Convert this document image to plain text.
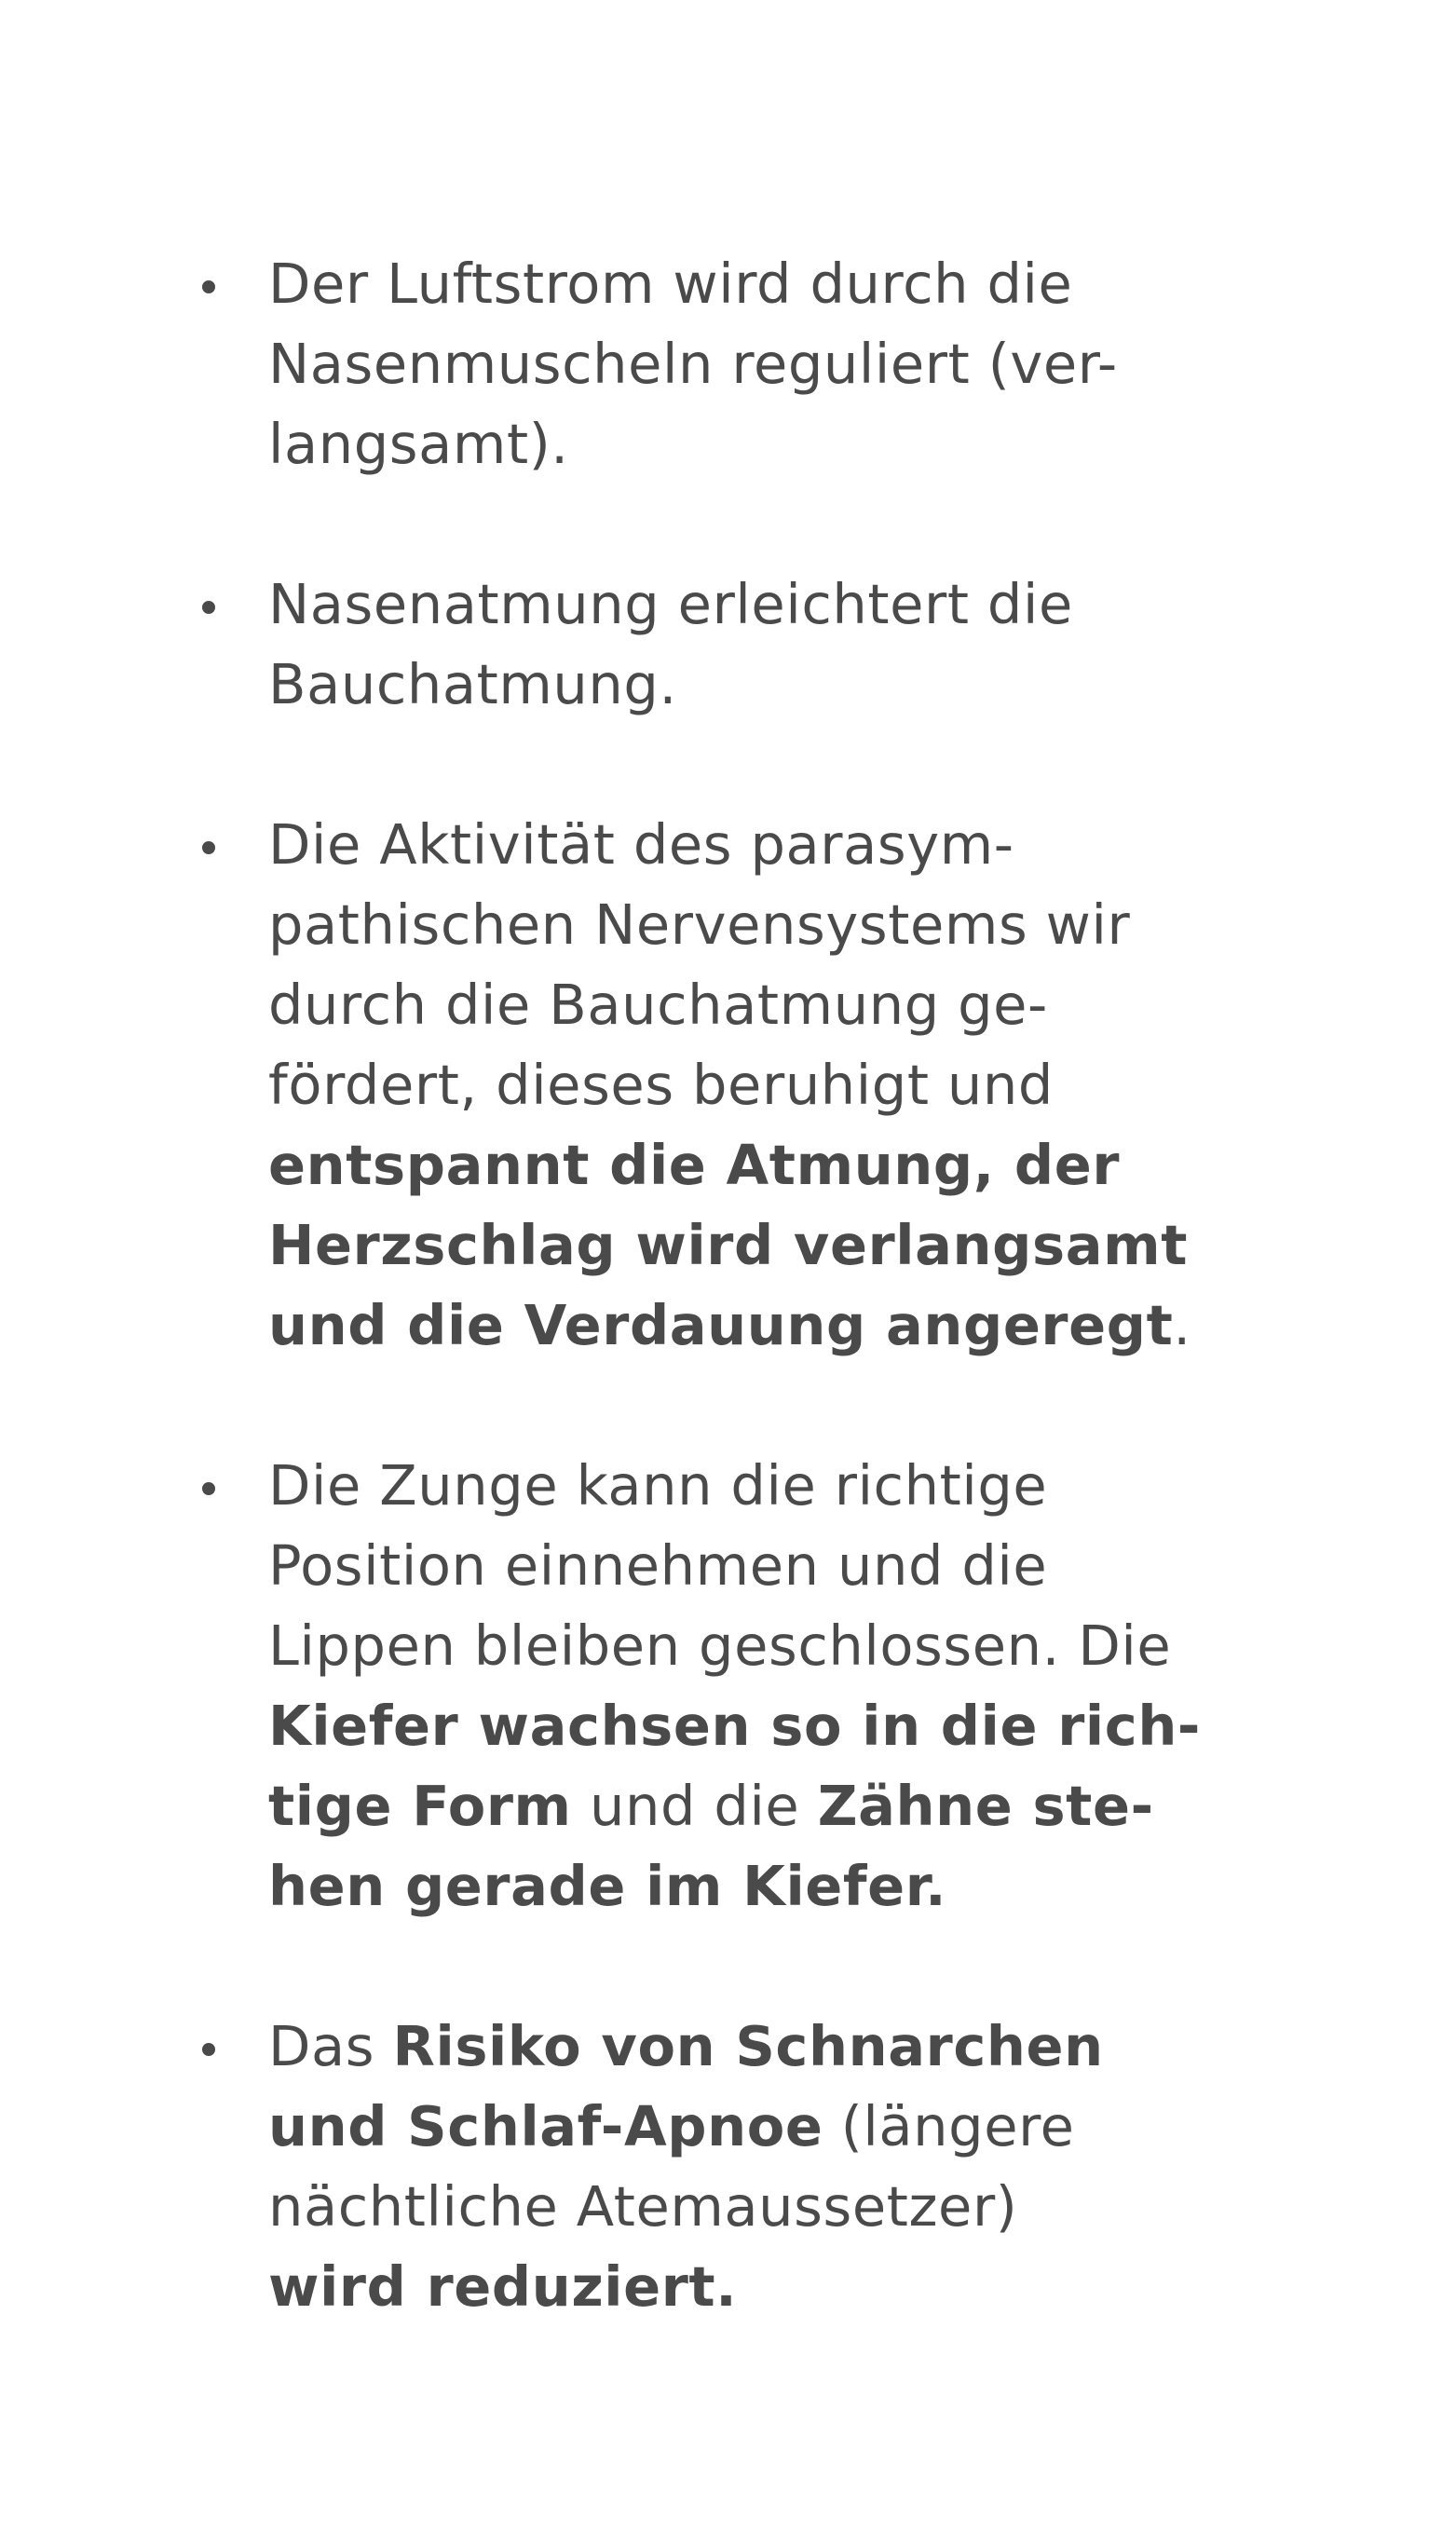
Der Luftstrom wird durch die
Nasenmuscheln reguliert (ver-
langsamt).
Nasenatmung erleichtert die
Bauchatmung.
Die Aktivität des parasym-
pathischen Nervensystems wir
durch die Bauchatmung ge-
fördert, dieses beruhigt und
entspannt die Atmung, der
Herzschlag wird verlangsamt
und die Verdauung angeregt.
Die Zunge kann die richtige
Position einnehmen und die
Lippen bleiben geschlossen. Die
Kiefer wachsen so in die rich-
tige Form und die Zähne ste-
hen gerade im Kiefer.
Das Risiko von Schnarchen
und Schlaf-Apnoe (längere
nächtliche Atemaussetzer)
wird reduziert.
